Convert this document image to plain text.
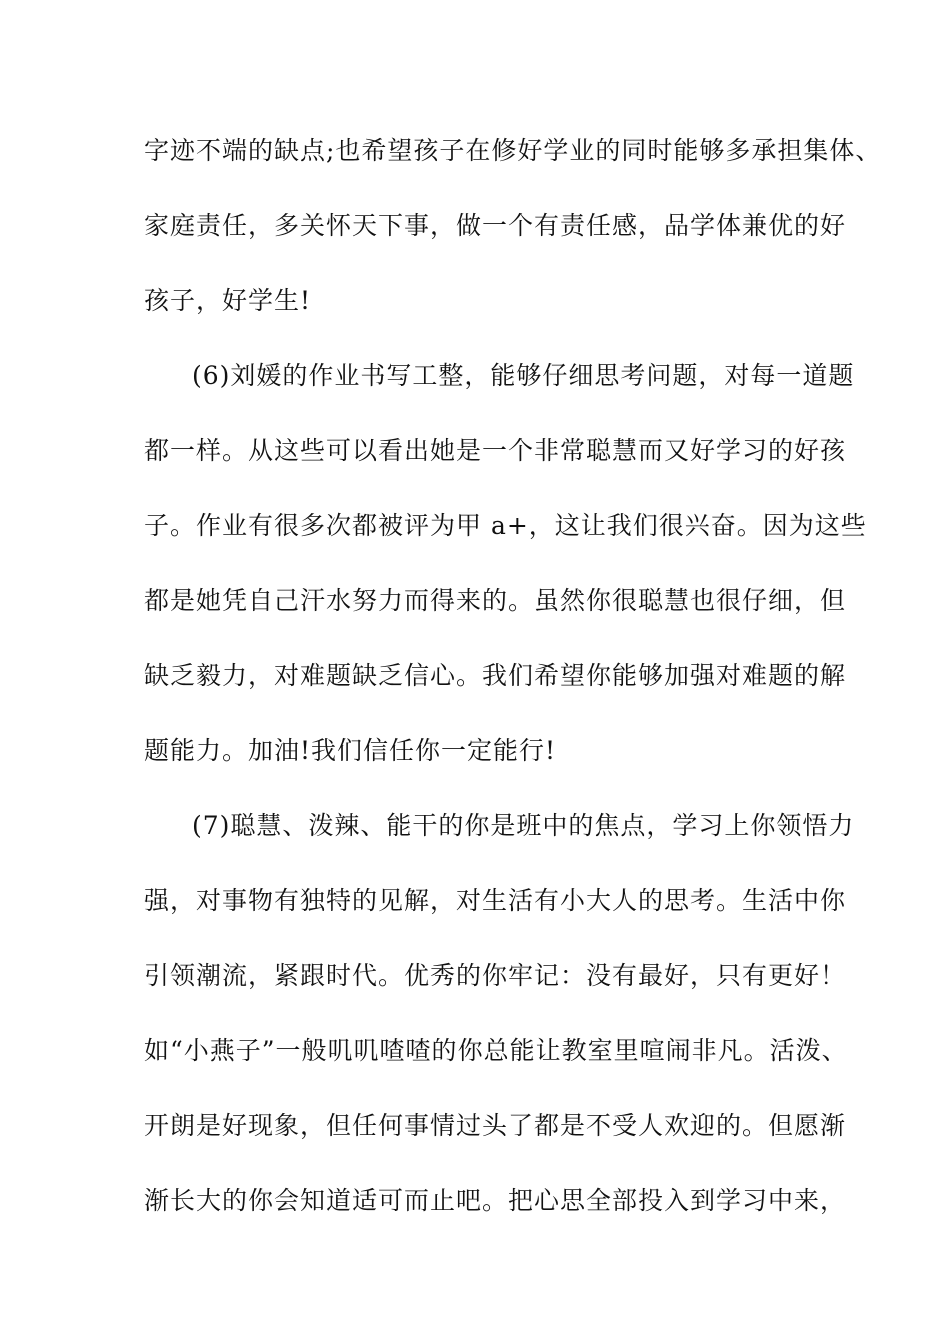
字迹不端的缺点;也希望孩子在修好学业的同时能够多承担集体、
家庭责任，多关怀天下事，做一个有责任感，品学体兼优的好
孩子，好学生!
(6)刘媛的作业书写工整，能够仔细思考问题，对每一道题
都一样。从这些可以看出她是一个非常聪慧而又好学习的好孩
子。作业有很多次都被评为甲 a+，这让我们很兴奋。因为这些
都是她凭自己汗水努力而得来的。虽然你很聪慧也很仔细，但
缺乏毅力，对难题缺乏信心。我们希望你能够加强对难题的解
题能力。加油!我们信任你一定能行!
(7)聪慧、泼辣、能干的你是班中的焦点，学习上你领悟力
强，对事物有独特的见解，对生活有小大人的思考。生活中你
引领潮流，紧跟时代。优秀的你牢记：没有最好，只有更好！
如“小燕子”一般叽叽喳喳的你总能让教室里喧闹非凡。活泼、
开朗是好现象，但任何事情过头了都是不受人欢迎的。但愿渐
渐长大的你会知道适可而止吧。把心思全部投入到学习中来，
